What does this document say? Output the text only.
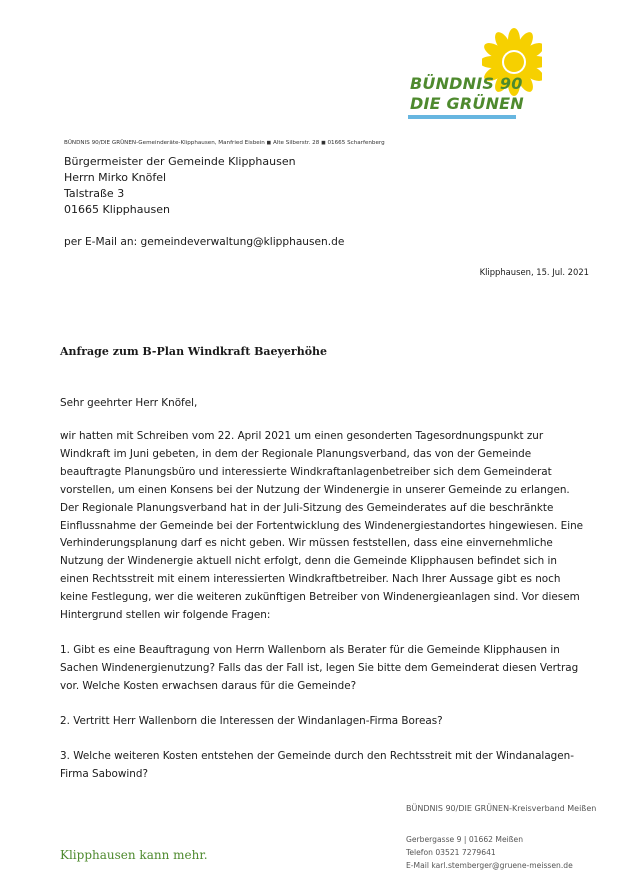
BÜNDNIS 90
DIE GRÜNEN
BÜNDNIS 90/DIE GRÜNEN-Gemeinderäte-Klipphausen, Manfried Eisbein ◼ Alte Silberstr. 28 ◼ 01665 Scharfenberg
Bürgermeister der Gemeinde Klipphausen
Herrn Mirko Knöfel
Talstraße 3
01665 Klipphausen
per E-Mail an: gemeindeverwaltung@klipphausen.de
Klipphausen, 15. Jul. 2021
Anfrage zum B-Plan Windkraft Baeyerhöhe
Sehr geehrter Herr Knöfel,
wir hatten mit Schreiben vom 22. April 2021 um einen gesonderten Tagesordnungspunkt zur
Windkraft im Juni gebeten, in dem der Regionale Planungsverband, das von der Gemeinde
beauftragte Planungsbüro und interessierte Windkraftanlagenbetreiber sich dem Gemeinderat
vorstellen, um einen Konsens bei der Nutzung der Windenergie in unserer Gemeinde zu erlangen.
Der Regionale Planungsverband hat in der Juli-Sitzung des Gemeinderates auf die beschränkte
Einflussnahme der Gemeinde bei der Fortentwicklung des Windenergiestandortes hingewiesen. Eine
Verhinderungsplanung darf es nicht geben. Wir müssen feststellen, dass eine einvernehmliche
Nutzung der Windenergie aktuell nicht erfolgt, denn die Gemeinde Klipphausen befindet sich in
einen Rechtsstreit mit einem interessierten Windkraftbetreiber. Nach Ihrer Aussage gibt es noch
keine Festlegung, wer die weiteren zukünftigen Betreiber von Windenergieanlagen sind. Vor diesem
Hintergrund stellen wir folgende Fragen:
1. Gibt es eine Beauftragung von Herrn Wallenborn als Berater für die Gemeinde Klipphausen in
Sachen Windenergienutzung? Falls das der Fall ist, legen Sie bitte dem Gemeinderat diesen Vertrag
vor. Welche Kosten erwachsen daraus für die Gemeinde?
2. Vertritt Herr Wallenborn die Interessen der Windanlagen-Firma Boreas?
3. Welche weiteren Kosten entstehen der Gemeinde durch den Rechtsstreit mit der Windanalagen-
Firma Sabowind?
BÜNDNIS 90/DIE GRÜNEN-Kreisverband Meißen
Gerbergasse 9 | 01662 Meißen
Telefon 03521 7279641
E-Mail karl.stemberger@gruene-meissen.de
Klipphausen kann mehr.
